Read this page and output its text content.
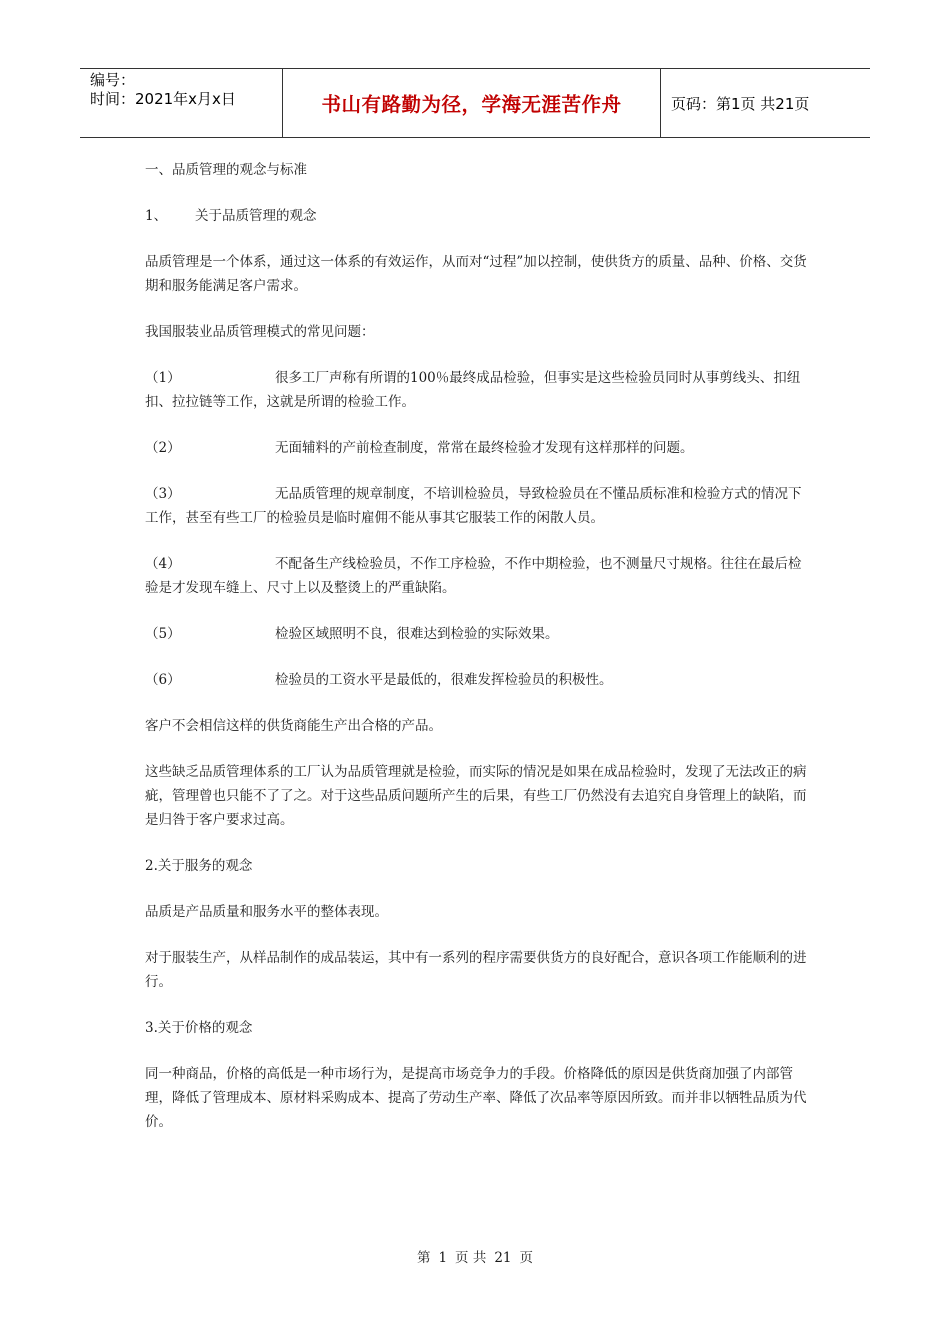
编号：
时间：2021年x月x日	书山有路勤为径，学海无涯苦作舟	页码：第1页 共21页

一、品质管理的观念与标准

1、 关于品质管理的观念

品质管理是一个体系，通过这一体系的有效运作，从而对“过程”加以控制，使供货方的质量、品种、价格、交货期和服务能满足客户需求。

我国服装业品质管理模式的常见问题：

（1）	很多工厂声称有所谓的100％最终成品检验，但事实是这些检验员同时从事剪线头、扣纽扣、拉拉链等工作，这就是所谓的检验工作。

（2）	无面辅料的产前检查制度，常常在最终检验才发现有这样那样的问题。

（3）	无品质管理的规章制度，不培训检验员，导致检验员在不懂品质标准和检验方式的情况下工作，甚至有些工厂的检验员是临时雇佣不能从事其它服装工作的闲散人员。

（4）	不配备生产线检验员，不作工序检验，不作中期检验，也不测量尺寸规格。往往在最后检验是才发现车缝上、尺寸上以及整烫上的严重缺陷。

（5）	检验区域照明不良，很难达到检验的实际效果。

（6）	检验员的工资水平是最低的，很难发挥检验员的积极性。

客户不会相信这样的供货商能生产出合格的产品。

这些缺乏品质管理体系的工厂认为品质管理就是检验，而实际的情况是如果在成品检验时，发现了无法改正的病疵，管理曾也只能不了了之。对于这些品质问题所产生的后果，有些工厂仍然没有去追究自身管理上的缺陷，而是归咎于客户要求过高。

2.关于服务的观念

品质是产品质量和服务水平的整体表现。

对于服装生产，从样品制作的成品装运，其中有一系列的程序需要供货方的良好配合，意识各项工作能顺利的进行。

3.关于价格的观念

同一种商品，价格的高低是一种市场行为，是提高市场竞争力的手段。价格降低的原因是供货商加强了内部管理，降低了管理成本、原材料采购成本、提高了劳动生产率、降低了次品率等原因所致。而并非以牺牲品质为代价。

第 1 页 共 21 页
